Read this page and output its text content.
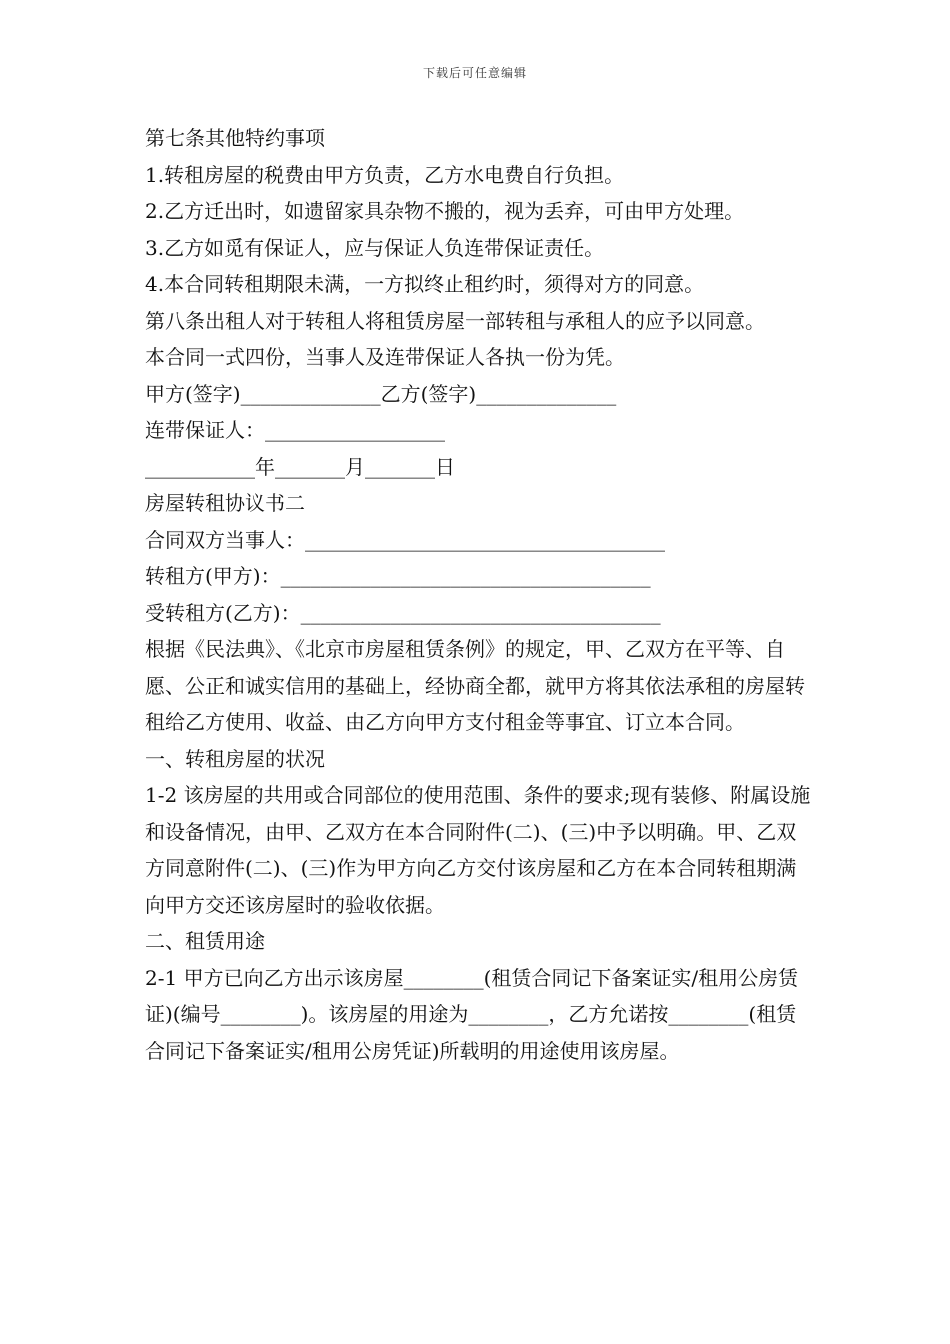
下载后可任意编辑

第七条其他特约事项

1.转租房屋的税费由甲方负责，乙方水电费自行负担。

2.乙方迁出时，如遗留家具杂物不搬的，视为丢弃，可由甲方处理。

3.乙方如觅有保证人，应与保证人负连带保证责任。

4.本合同转租期限未满，一方拟终止租约时，须得对方的同意。

第八条出租人对于转租人将租赁房屋一部转租与承租人的应予以同意。

本合同一式四份，当事人及连带保证人各执一份为凭。

甲方(签字)______________乙方(签字)______________

连带保证人：__________________

___________年_______月_______日

房屋转租协议书二

合同双方当事人：____________________________________

转租方(甲方)：_____________________________________

受转租方(乙方)：____________________________________

根据《民法典》、《北京市房屋租赁条例》的规定，甲、乙双方在平等、自愿、公正和诚实信用的基础上，经协商全都，就甲方将其依法承租的房屋转租给乙方使用、收益、由乙方向甲方支付租金等事宜、订立本合同。

一、转租房屋的状况

1-2 该房屋的共用或合同部位的使用范围、条件的要求;现有装修、附属设施和设备情况，由甲、乙双方在本合同附件(二)、(三)中予以明确。甲、乙双方同意附件(二)、(三)作为甲方向乙方交付该房屋和乙方在本合同转租期满向甲方交还该房屋时的验收依据。

二、租赁用途

2-1 甲方已向乙方出示该房屋________(租赁合同记下备案证实/租用公房赁证)(编号________)。该房屋的用途为________，乙方允诺按________(租赁合同记下备案证实/租用公房凭证)所载明的用途使用该房屋。
